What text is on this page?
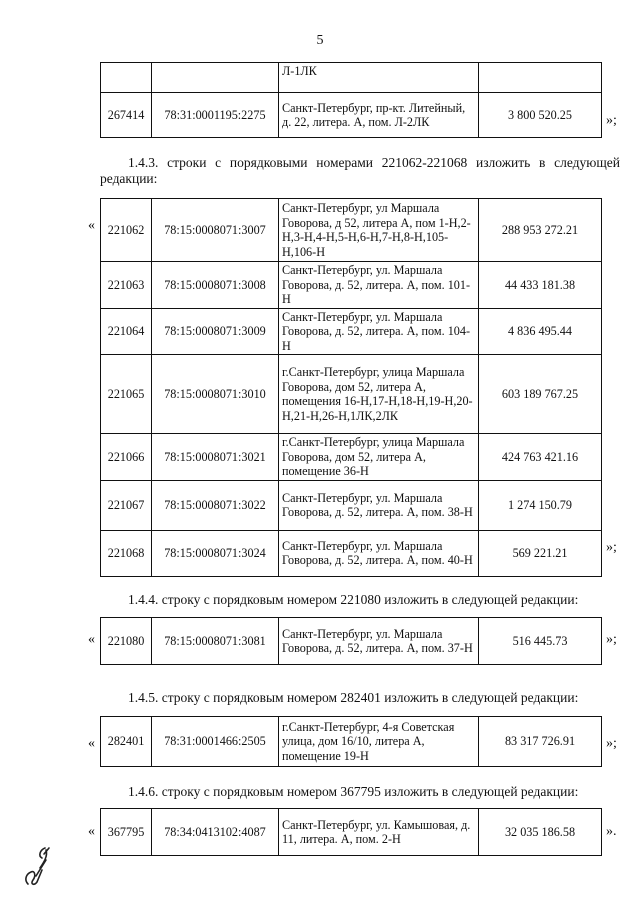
5
		Л-1ЛК	
267414	78:31:0001195:2275	Санкт-Петербург, пр-кт. Литейный, д. 22, литера. А, пом. Л-2ЛК	3 800 520.25 »;
1.4.3. строки с порядковыми номерами 221062-221068 изложить в следующей редакции:
« 221062	78:15:0008071:3007	Санкт-Петербург, ул Маршала Говорова, д 52, литера А, пом 1-Н,2-Н,3-Н,4-Н,5-Н,6-Н,7-Н,8-Н,105-Н,106-Н	288 953 272.21
221063	78:15:0008071:3008	Санкт-Петербург, ул. Маршала Говорова, д. 52, литера. А, пом. 101-Н	44 433 181.38
221064	78:15:0008071:3009	Санкт-Петербург, ул. Маршала Говорова, д. 52, литера. А, пом. 104-Н	4 836 495.44
221065	78:15:0008071:3010	г.Санкт-Петербург, улица Маршала Говорова, дом 52, литера А, помещения 16-Н,17-Н,18-Н,19-Н,20-Н,21-Н,26-Н,1ЛК,2ЛК	603 189 767.25
221066	78:15:0008071:3021	г.Санкт-Петербург, улица Маршала Говорова, дом 52, литера А, помещение 36-Н	424 763 421.16
221067	78:15:0008071:3022	Санкт-Петербург, ул. Маршала Говорова, д. 52, литера. А, пом. 38-Н	1 274 150.79
221068	78:15:0008071:3024	Санкт-Петербург, ул. Маршала Говорова, д. 52, литера. А, пом. 40-Н	569 221.21	»;
1.4.4. строку с порядковым номером 221080 изложить в следующей редакции:
« 221080	78:15:0008071:3081	Санкт-Петербург, ул. Маршала Говорова, д. 52, литера. А, пом. 37-Н	516 445.73	»;
1.4.5. строку с порядковым номером 282401 изложить в следующей редакции:
« 282401	78:31:0001466:2505	г.Санкт-Петербург, 4-я Советская улица, дом 16/10, литера А, помещение 19-Н	83 317 726.91 »;
1.4.6. строку с порядковым номером 367795 изложить в следующей редакции:
« 367795	78:34:0413102:4087	Санкт-Петербург, ул. Камышовая, д. 11, литера. А, пом. 2-Н	32 035 186.58 ».
